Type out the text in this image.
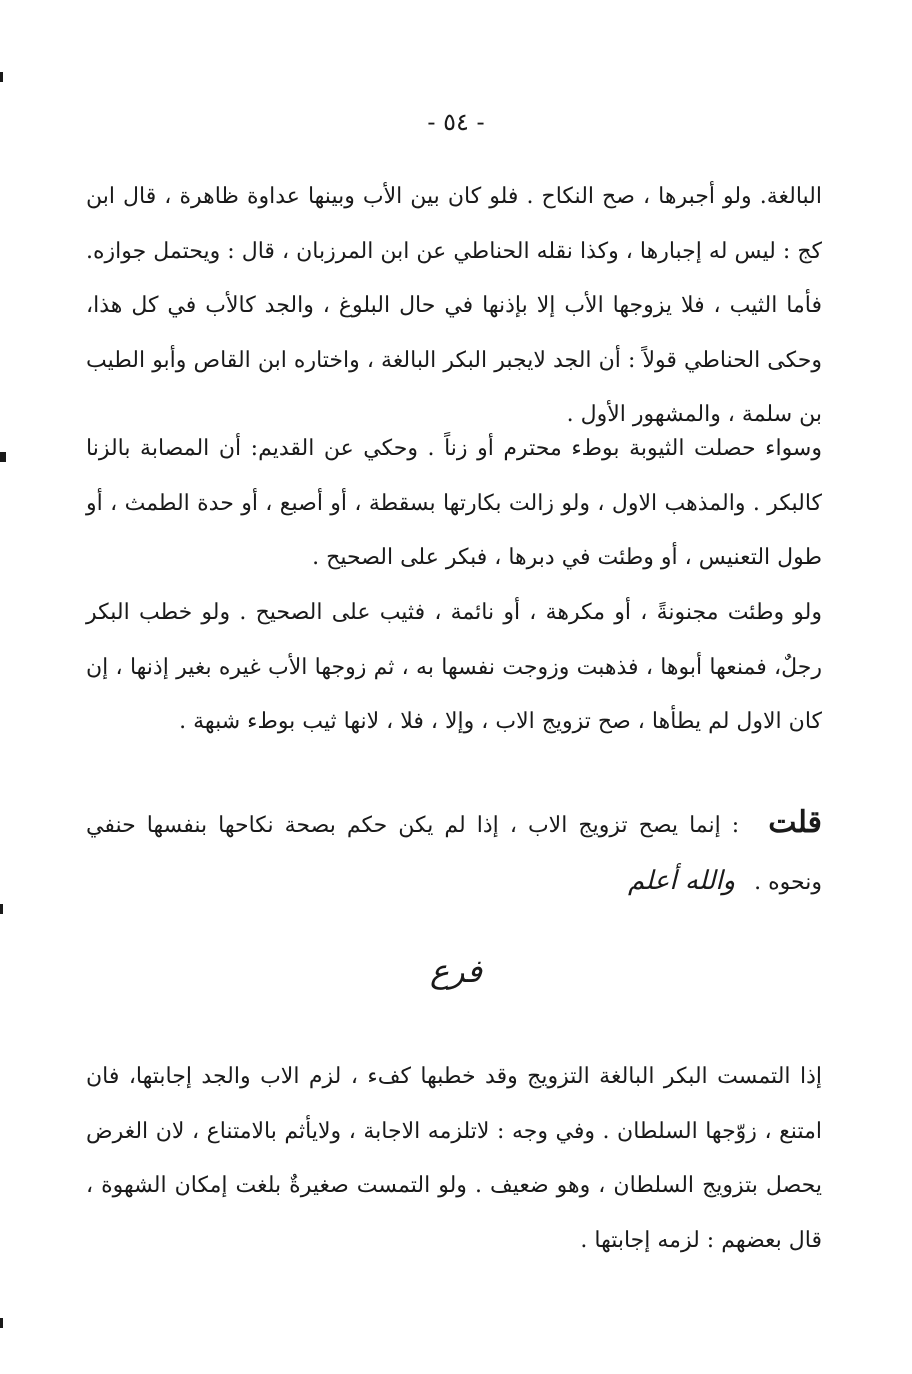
- ٥٤ -

البالغة. ولو أجبرها ، صح النكاح . فلو كان بين الأب وبينها عداوة ظاهرة ، قال ابن كج : ليس له إجبارها ، وكذا نقله الحناطي عن ابن المرزبان ، قال : ويحتمل جوازه. فأما الثيب ، فلا يزوجها الأب إلا بإذنها في حال البلوغ ، والجد كالأب في كل هذا، وحكى الحناطي قولاً : أن الجد لايجبر البكر البالغة ، واختاره ابن القاص وأبو الطيب بن سلمة ، والمشهور الأول .

وسواء حصلت الثيوبة بوطء محترم أو زناً . وحكي عن القديم: أن المصابة بالزنا كالبكر . والمذهب الاول ، ولو زالت بكارتها بسقطة ، أو أصبع ، أو حدة الطمث ، أو طول التعنيس ، أو وطئت في دبرها ، فبكر على الصحيح .

ولو وطئت مجنونةً ، أو مكرهة ، أو نائمة ، فثيب على الصحيح . ولو خطب البكر رجلٌ، فمنعها أبوها ، فذهبت وزوجت نفسها به ، ثم زوجها الأب غيره بغير إذنها ، إن كان الاول لم يطأها ، صح تزويج الاب ، وإلا ، فلا ، لانها ثيب بوطء شبهة .

قلت : إنما يصح تزويج الاب ، إذا لم يكن حكم بصحة نكاحها بنفسها حنفي ونحوه . والله أعلم

فرع

إذا التمست البكر البالغة التزويج وقد خطبها كفء ، لزم الاب والجد إجابتها، فان امتنع ، زوّجها السلطان . وفي وجه : لاتلزمه الاجابة ، ولايأثم بالامتناع ، لان الغرض يحصل بتزويج السلطان ، وهو ضعيف . ولو التمست صغيرةٌ بلغت إمكان الشهوة ، قال بعضهم : لزمه إجابتها .
